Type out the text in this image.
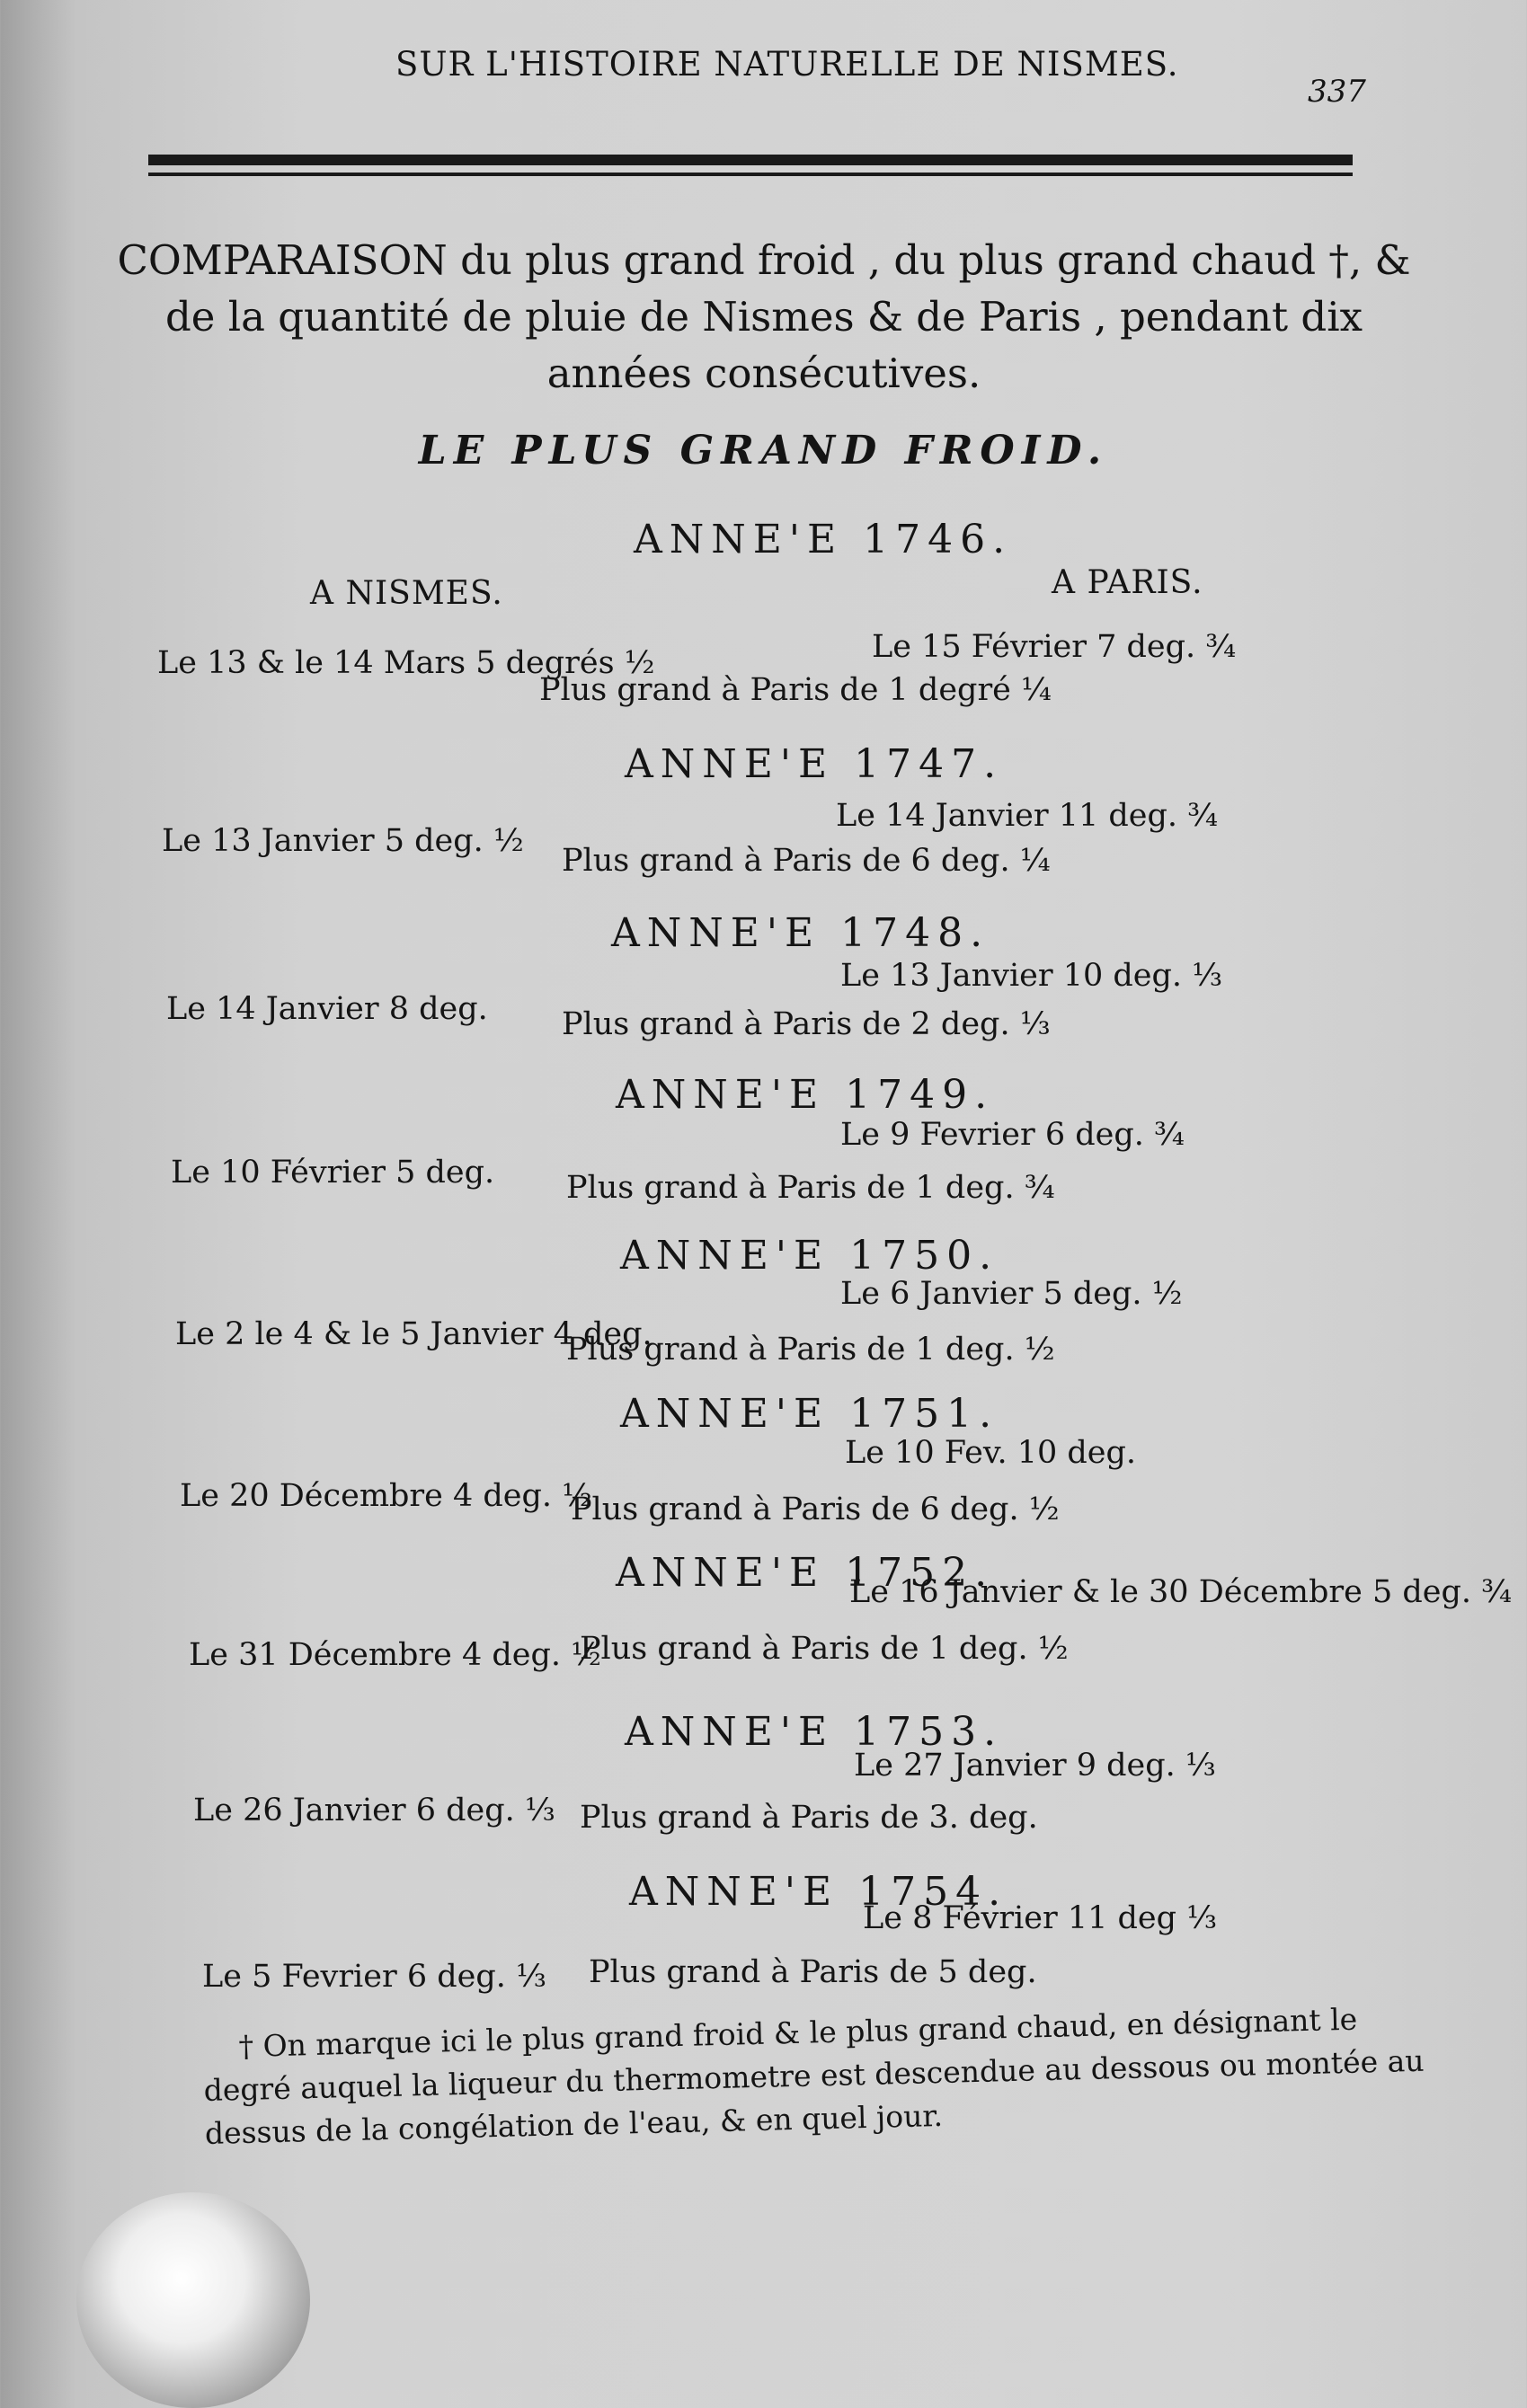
SUR L'HISTOIRE NATURELLE DE NISMES.
337
COMPARAISON du plus grand froid , du plus grand chaud †, & de la quantité de pluie de Nismes & de Paris , pendant dix années consécutives.
LE PLUS GRAND FROID.
A NISMES.	A PARIS.
ANNE'E 1746.
Le 13 & le 14 Mars 5 degrés ½	Le 15 Février 7 deg. ¾
Plus grand à Paris de 1 degré ¼
ANNE'E 1747.
Le 13 Janvier 5 deg. ½
Le 14 Janvier 11 deg. ¾
Plus grand à Paris de 6 deg. ¼
ANNE'E 1748.
Le 14 Janvier 8 deg.
Le 13 Janvier 10 deg. ⅓
Plus grand à Paris de 2 deg. ⅓
ANNE'E 1749.
Le 10 Février 5 deg.
Le 9 Fevrier 6 deg. ¾
Plus grand à Paris de 1 deg. ¾
ANNE'E 1750.
Le 2 le 4 & le 5 Janvier 4 deg.
Le 6 Janvier 5 deg. ½
Plus grand à Paris de 1 deg. ½
ANNE'E 1751.
Le 20 Décembre 4 deg. ½
Le 10 Fev. 10 deg.
Plus grand à Paris de 6 deg. ½
ANNE'E 1752.
Le 31 Décembre 4 deg. ½
Le 16 Janvier & le 30 Décembre 5 deg. ¾
Plus grand à Paris de 1 deg. ½
ANNE'E 1753.
Le 26 Janvier 6 deg. ⅓
Le 27 Janvier 9 deg. ⅓
Plus grand à Paris de 3. deg.
ANNE'E 1754.
Le 5 Fevrier 6 deg. ⅓
Le 8 Février 11 deg ⅓
Plus grand à Paris de 5 deg.
† On marque ici le plus grand froid & le plus grand chaud, en désignant le degré auquel la liqueur du thermometre est descendue au dessous ou montée au dessus de la congélation de l'eau, & en quel jour.
